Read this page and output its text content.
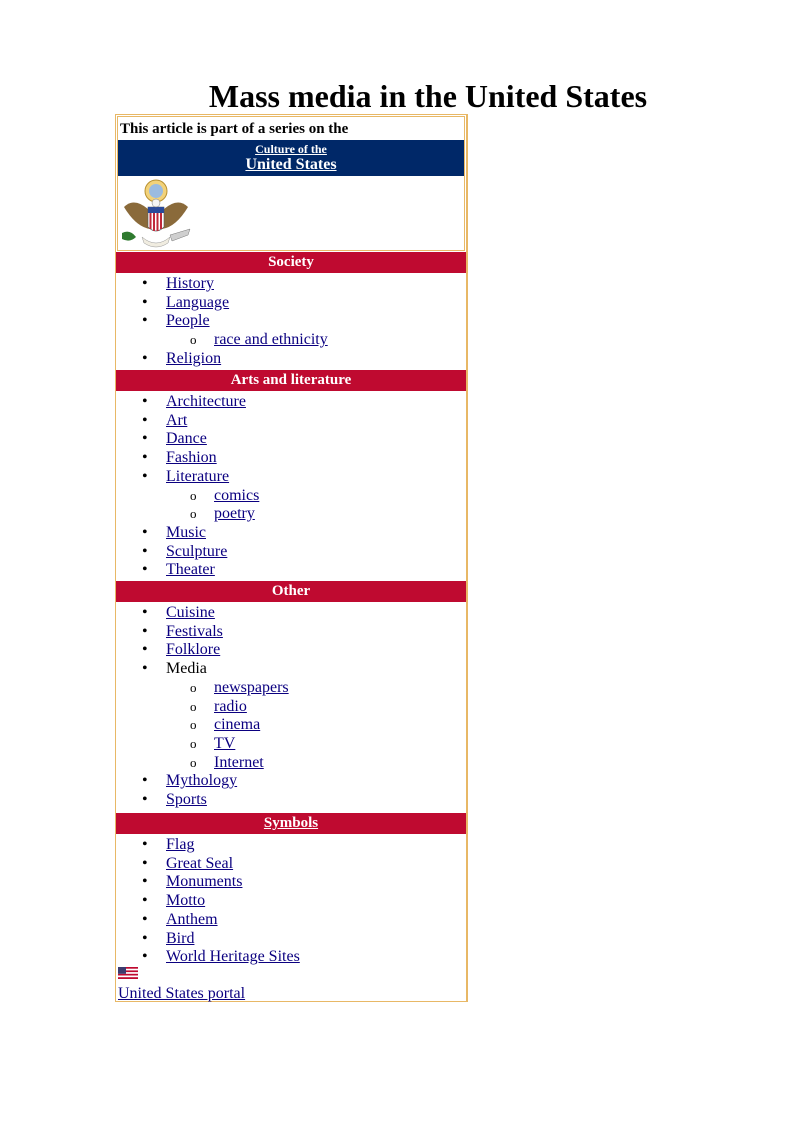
Mass media in the United States
This article is part of a series on the
Culture of the
United States
Society
• History
• Language
• People
o race and ethnicity
• Religion
Arts and literature
• Architecture
• Art
• Dance
• Fashion
• Literature
o comics
o poetry
• Music
• Sculpture
• Theater
Other
• Cuisine
• Festivals
• Folklore
• Media
o newspapers
o radio
o cinema
o TV
o Internet
• Mythology
• Sports
Symbols
• Flag
• Great Seal
• Monuments
• Motto
• Anthem
• Bird
• World Heritage Sites
United States portal
